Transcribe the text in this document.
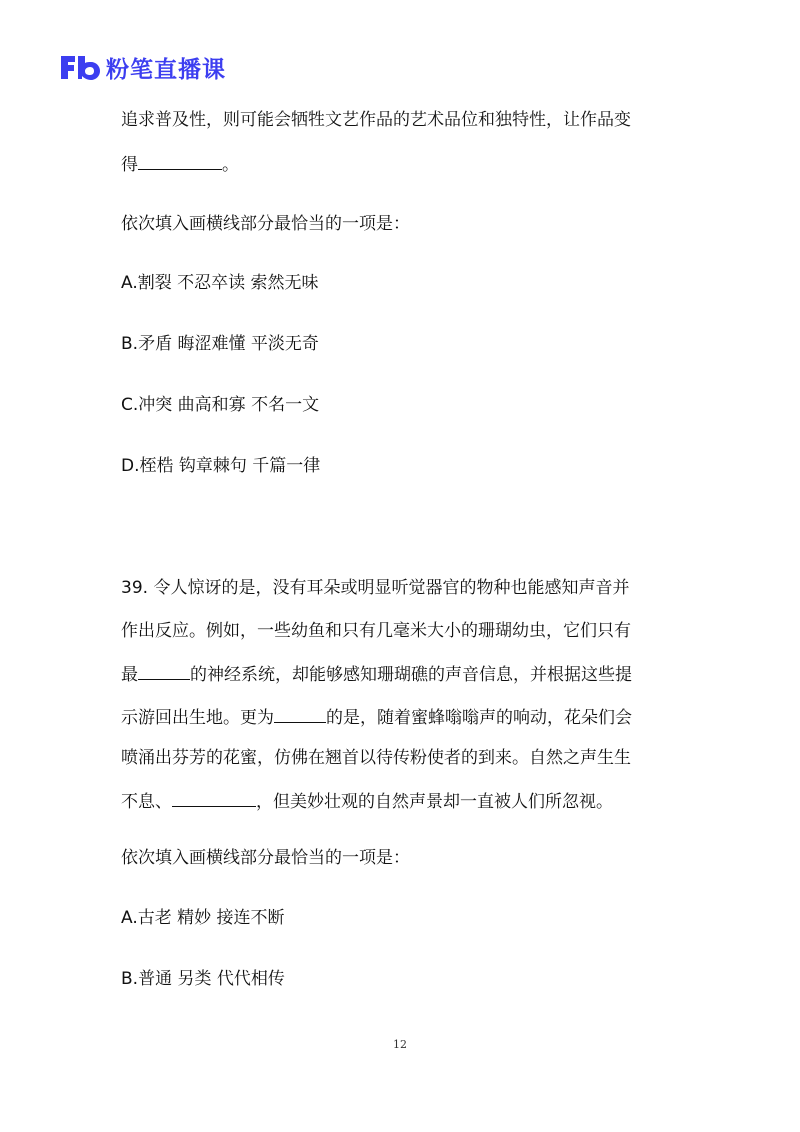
粉笔直播课
追求普及性，则可能会牺牲文艺作品的艺术品位和独特性，让作品变
得	。
依次填入画横线部分最恰当的一项是：
A.割裂 不忍卒读 索然无味
B.矛盾 晦涩难懂 平淡无奇
C.冲突 曲高和寡 不名一文
D.桎梏 钩章棘句 千篇一律
39. 令人惊讶的是，没有耳朵或明显听觉器官的物种也能感知声音并
作出反应。例如，一些幼鱼和只有几毫米大小的珊瑚幼虫，它们只有
最	的神经系统，却能够感知珊瑚礁的声音信息，并根据这些提
示游回出生地。更为	的是，随着蜜蜂嗡嗡声的响动，花朵们会
喷涌出芬芳的花蜜，仿佛在翘首以待传粉使者的到来。自然之声生生
不息、	，但美妙壮观的自然声景却一直被人们所忽视。
依次填入画横线部分最恰当的一项是：
A.古老 精妙 接连不断
B.普通 另类 代代相传
12
